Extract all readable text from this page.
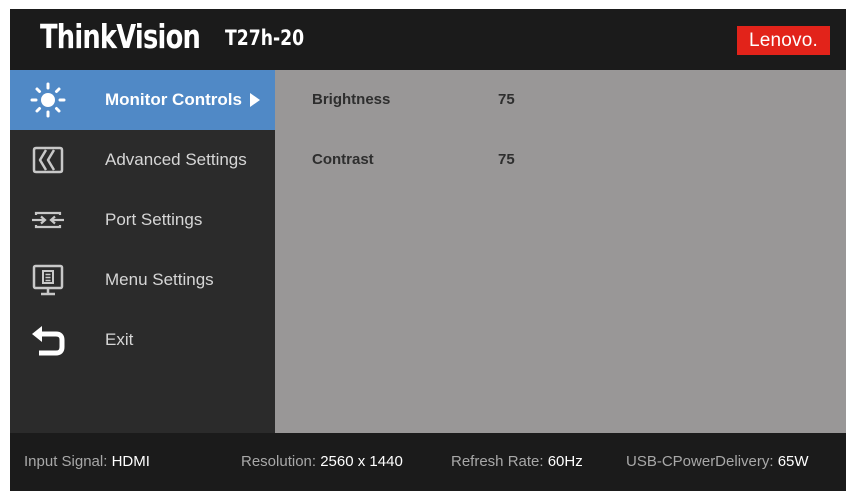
ThinkVision T27h-20	Lenovo.
Monitor Controls
Advanced Settings
Port Settings
Menu Settings
Exit
Brightness	75
Contrast	75
Input Signal: HDMI	Resolution: 2560 x 1440	Refresh Rate: 60Hz	USB-CPowerDelivery: 65W
